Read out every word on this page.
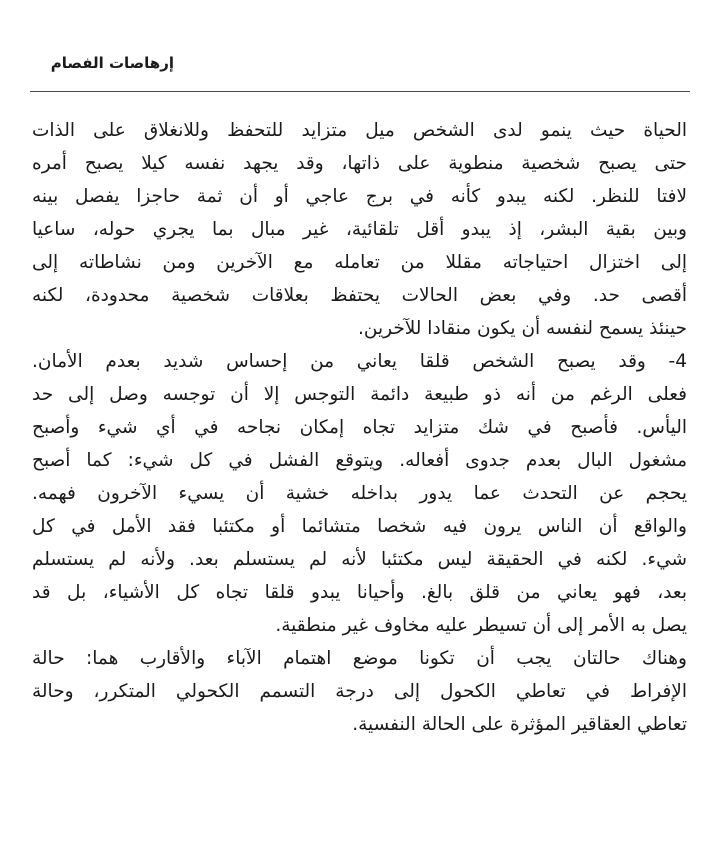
إرهاصات الفصام
الحياة حيث ينمو لدى الشخص ميل متزايد للتحفظ وللانغلاق على الذات
حتى يصبح شخصية منطوية على ذاتها، وقد يجهد نفسه كيلا يصبح أمره
لافتا للنظر. لكنه يبدو كأنه في برج عاجي أو أن ثمة حاجزا يفصل بينه
وبين بقية البشر، إذ يبدو أقل تلقائية، غير مبال بما يجري حوله، ساعيا
إلى اختزال احتياجاته مقللا من تعامله مع الآخرين ومن نشاطاته إلى
أقصى حد. وفي بعض الحالات يحتفظ بعلاقات شخصية محدودة، لكنه
حينئذ يسمح لنفسه أن يكون منقادا للآخرين.
4- وقد يصبح الشخص قلقا يعاني من إحساس شديد بعدم الأمان.
فعلى الرغم من أنه ذو طبيعة دائمة التوجس إلا أن توجسه وصل إلى حد
اليأس. فأصبح في شك متزايد تجاه إمكان نجاحه في أي شيء وأصبح
مشغول البال بعدم جدوى أفعاله. ويتوقع الفشل في كل شيء: كما أصبح
يحجم عن التحدث عما يدور بداخله خشية أن يسيء الآخرون فهمه.
والواقع أن الناس يرون فيه شخصا متشائما أو مكتئبا فقد الأمل في كل
شيء. لكنه في الحقيقة ليس مكتئبا لأنه لم يستسلم بعد. ولأنه لم يستسلم
بعد، فهو يعاني من قلق بالغ. وأحيانا يبدو قلقا تجاه كل الأشياء، بل قد
يصل به الأمر إلى أن تسيطر عليه مخاوف غير منطقية.
وهناك حالتان يجب أن تكونا موضع اهتمام الآباء والأقارب هما: حالة
الإفراط في تعاطي الكحول إلى درجة التسمم الكحولي المتكرر، وحالة
تعاطي العقاقير المؤثرة على الحالة النفسية.
